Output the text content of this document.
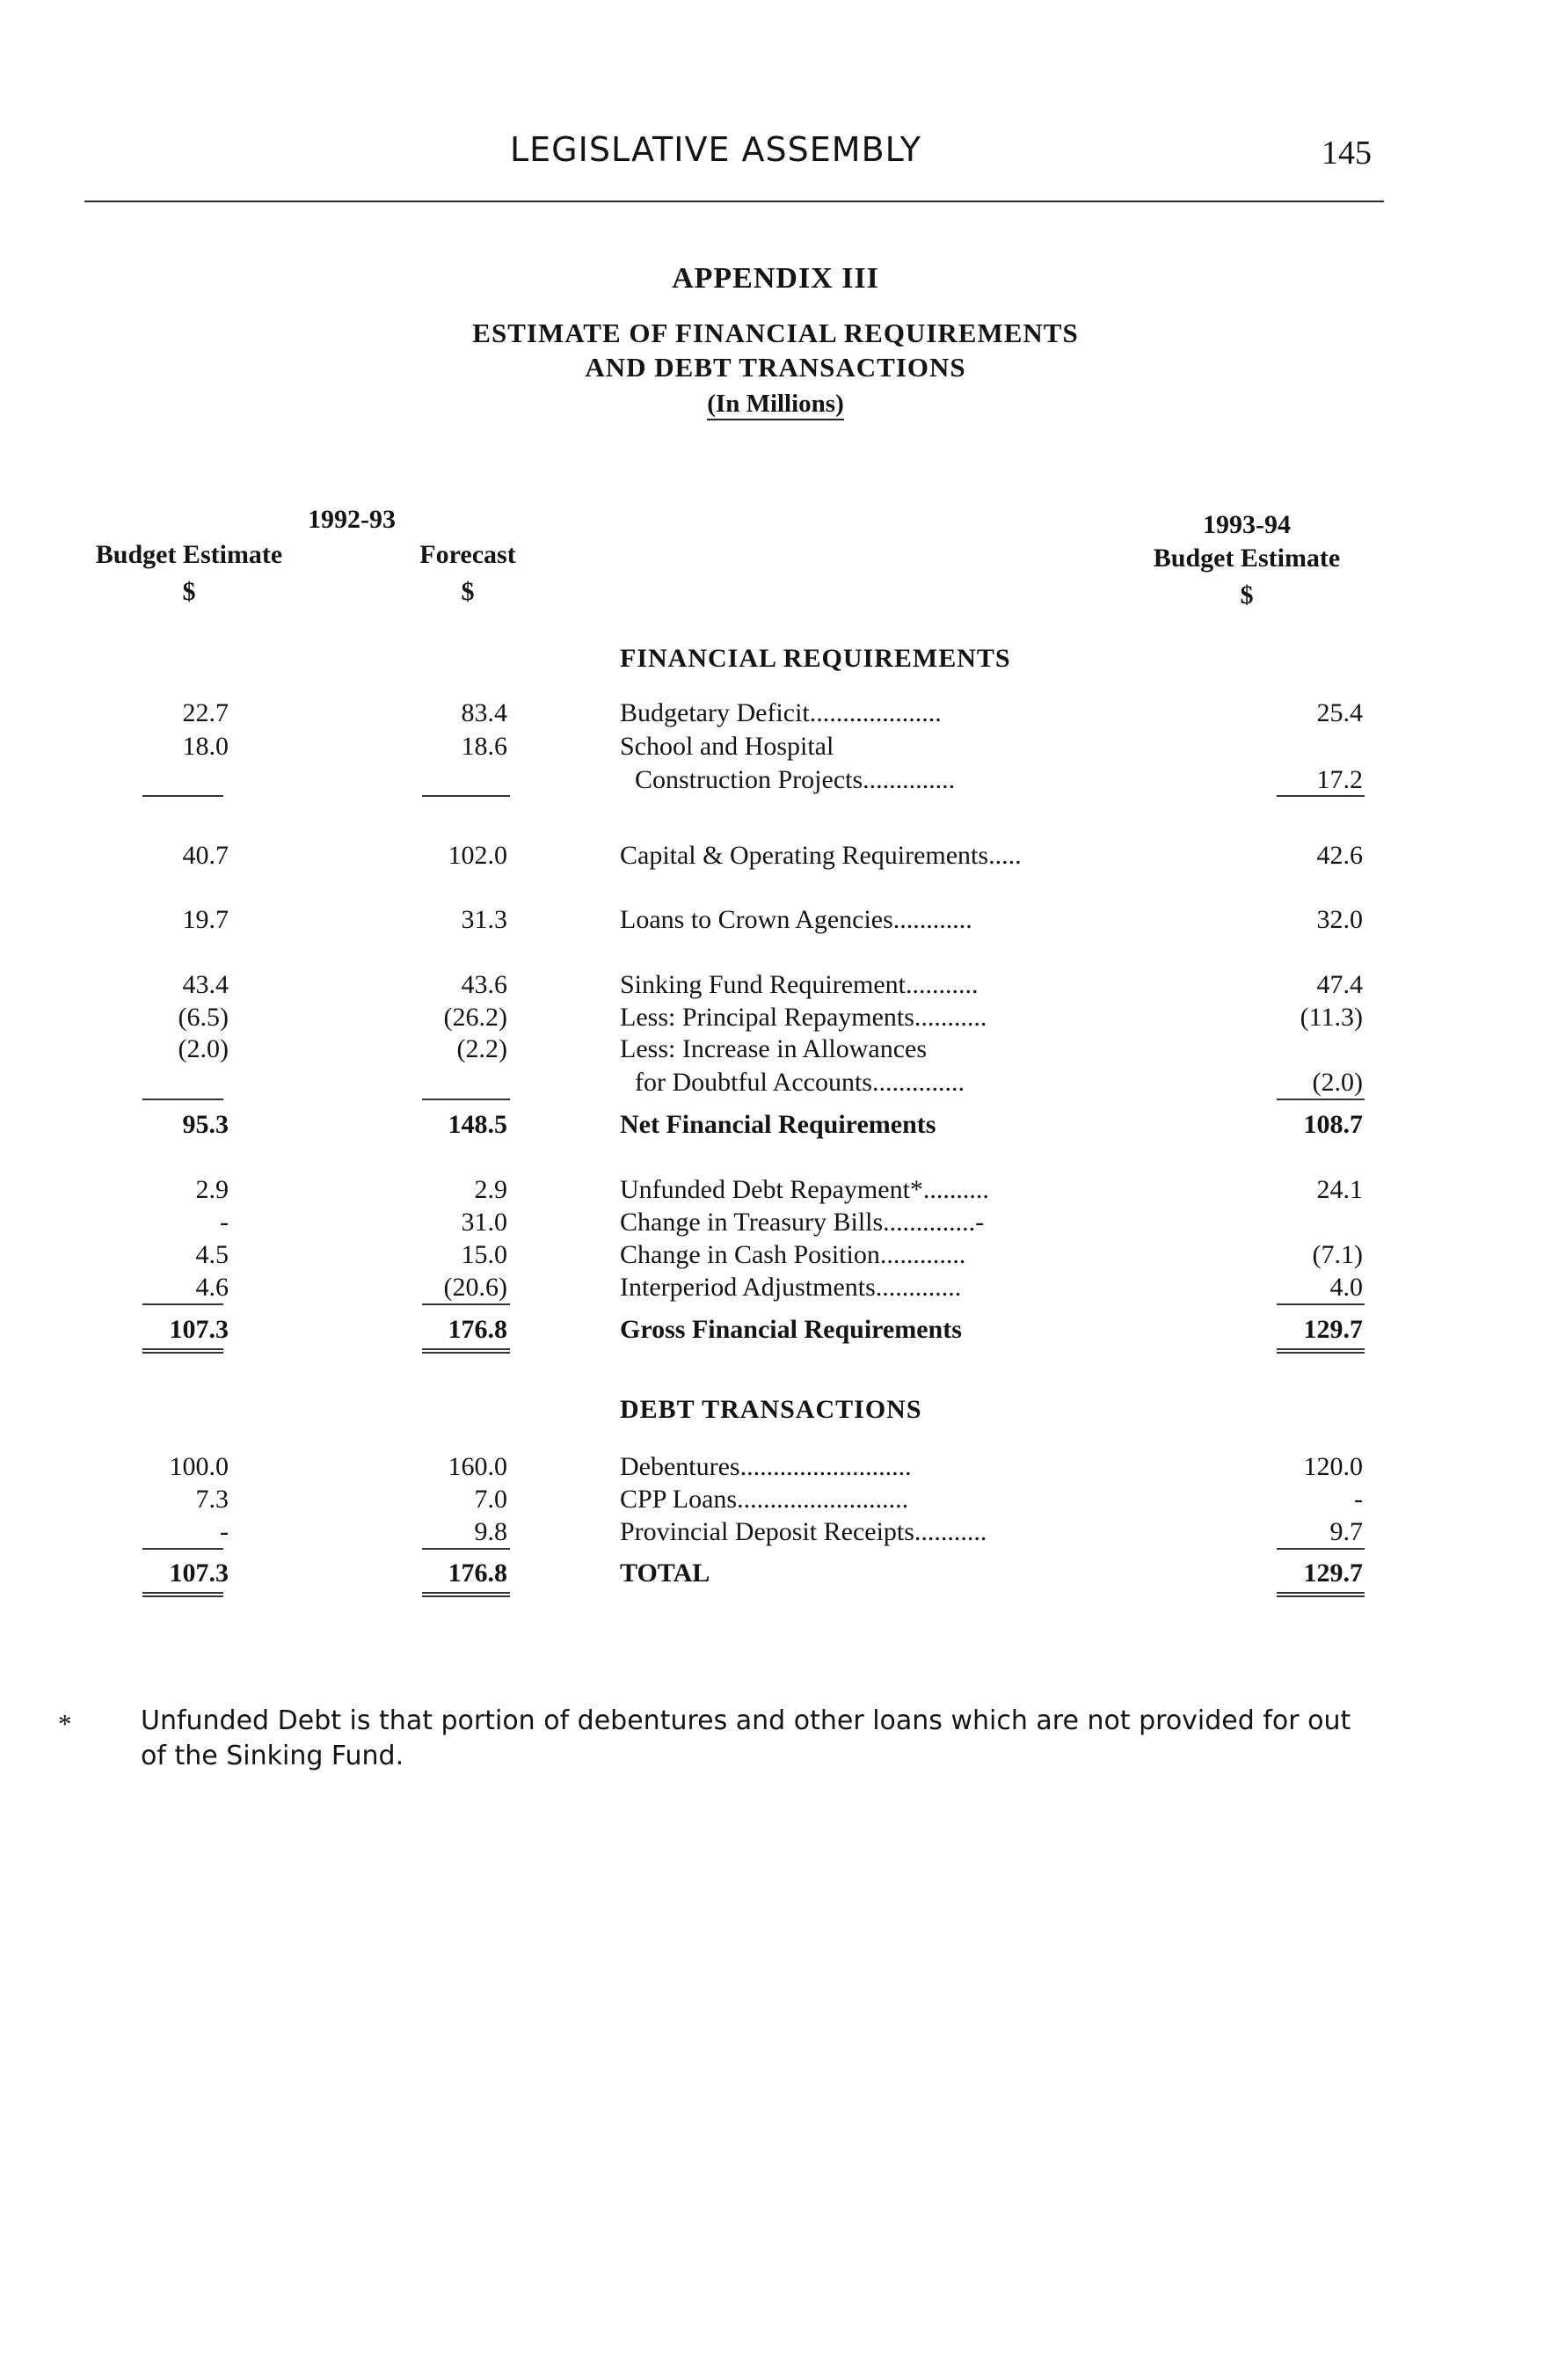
LEGISLATIVE ASSEMBLY	145
APPENDIX III
ESTIMATE OF FINANCIAL REQUIREMENTS
AND DEBT TRANSACTIONS
(In Millions)
1992-93
Budget Estimate
$
Forecast
$
1993-94
Budget Estimate
$
FINANCIAL REQUIREMENTS
22.7	83.4	Budgetary Deficit....................	25.4
18.0	18.6	School and Hospital
Construction Projects..............	17.2
40.7	102.0	Capital & Operating Requirements.....	42.6
19.7	31.3	Loans to Crown Agencies............	32.0
43.4	43.6	Sinking Fund Requirement...........	47.4
(6.5)	(26.2)	Less: Principal Repayments...........	(11.3)
(2.0)	(2.2)	Less: Increase in Allowances
for Doubtful Accounts..............	(2.0)
95.3	148.5	Net Financial Requirements	108.7
2.9	2.9	Unfunded Debt Repayment*..........	24.1
-	31.0	Change in Treasury Bills..............-
4.5	15.0	Change in Cash Position.............	(7.1)
4.6	(20.6)	Interperiod Adjustments.............	4.0
107.3	176.8	Gross Financial Requirements	129.7
DEBT TRANSACTIONS
100.0	160.0	Debentures..........................	120.0
7.3	7.0	CPP Loans..........................	-
-	9.8	Provincial Deposit Receipts...........	9.7
107.3	176.8	TOTAL	129.7
*	Unfunded Debt is that portion of debentures and other loans which are not provided for out
of the Sinking Fund.
